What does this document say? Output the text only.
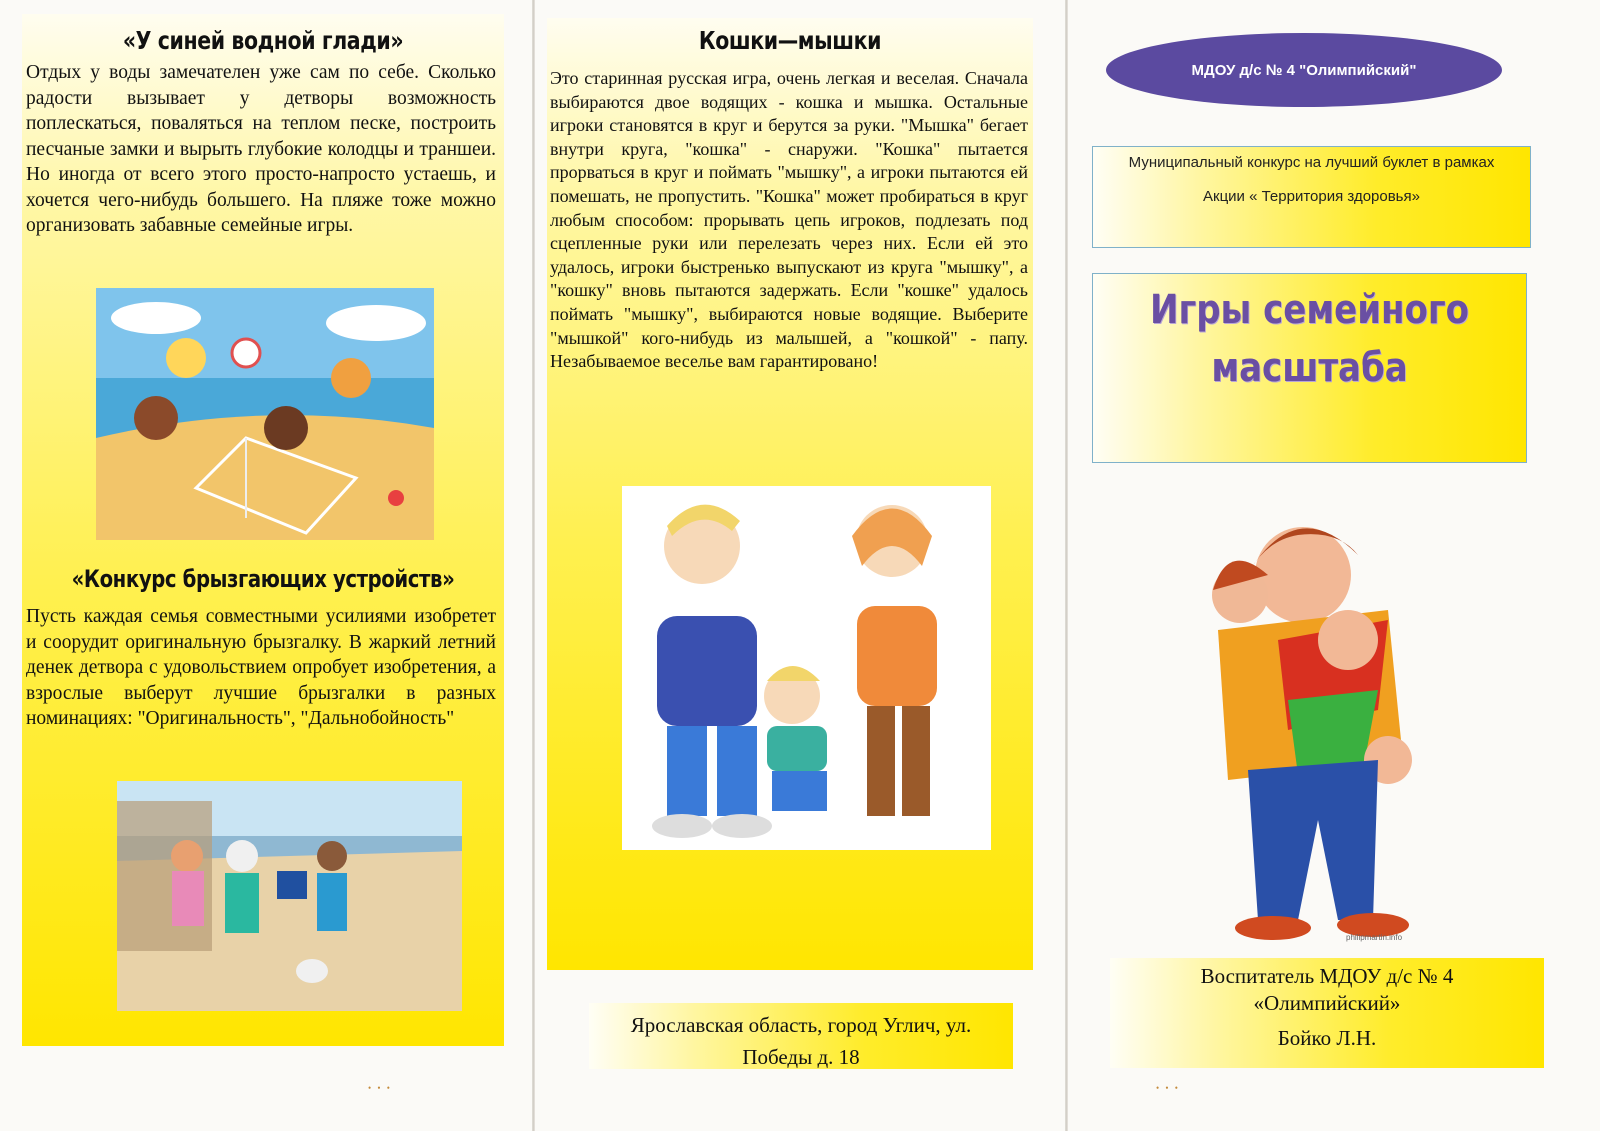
«У синей водной глади»
Отдых у воды замечателен уже сам по себе. Сколько радости вызывает у детворы возможность поплескаться, поваляться на теплом песке, построить песчаные замки и вырыть глубокие колодцы и траншеи. Но иногда от всего этого просто-напросто устаешь, и хочется чего-нибудь большего. На пляже тоже можно организовать забавные семейные игры.
«Конкурс брызгающих устройств»
Пусть каждая семья совместными усилиями изобретет и соорудит оригинальную брызгалку. В жаркий летний денек детвора с удовольствием опробует изобретения, а взрослые выберут лучшие брызгалки в разных номинациях: "Оригинальность", "Дальнобойность"
• • •
Кошки—мышки
Это старинная русская игра, очень легкая и веселая. Сначала выбираются двое водящих - кошка и мышка. Остальные игроки становятся в круг и берутся за руки. "Мышка" бегает внутри круга, "кошка" - снаружи. "Кошка" пытается прорваться в круг и поймать "мышку", а игроки пытаются ей помешать, не пропустить. "Кошка" может пробираться в круг любым способом: прорывать цепь игроков, подлезать под сцепленные руки или перелезать через них. Если ей это удалось, игроки быстренько выпускают из круга "мышку", а "кошку" вновь пытаются задержать. Если "кошке" удалось поймать "мышку", выбираются новые водящие. Выберите "мышкой" кого-нибудь из малышей, а "кошкой" - папу. Незабываемое веселье вам гарантировано!
Ярославская область, город Углич, ул.
Победы д. 18
МДОУ д/с № 4 "Олимпийский"
Муниципальный конкурс на лучший буклет в рамках
Акции « Территория здоровья»
Игры семейного
масштаба
philipmartin.info
Воспитатель МДОУ д/с № 4
«Олимпийский»
Бойко Л.Н.
• • •
